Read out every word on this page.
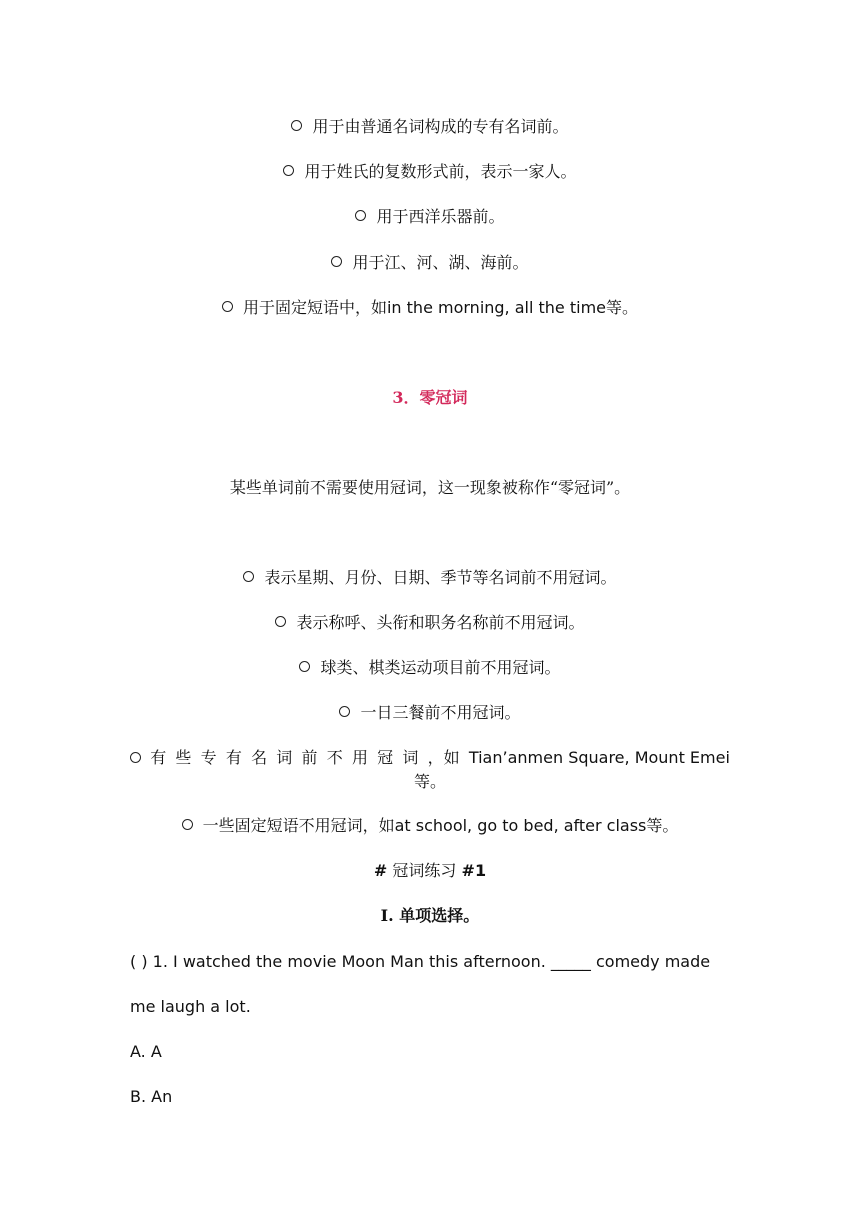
用于由普通名词构成的专有名词前。
用于姓氏的复数形式前，表示一家人。
用于西洋乐器前。
用于江、河、湖、海前。
用于固定短语中，如in the morning, all the time等。
3．零冠词
某些单词前不需要使用冠词，这一现象被称作“零冠词”。
表示星期、月份、日期、季节等名词前不用冠词。
表示称呼、头衔和职务名称前不用冠词。
球类、棋类运动项目前不用冠词。
一日三餐前不用冠词。
有 些 专 有 名 词 前 不 用 冠 词 ，如 Tian’anmen Square, Mount Emei
等。
一些固定短语不用冠词，如at school, go to bed, after class等。
# 冠词练习 #1
Ⅰ. 单项选择。
( ) 1. I watched the movie Moon Man this afternoon. _____ comedy made
me laugh a lot.
A. A
B. An
